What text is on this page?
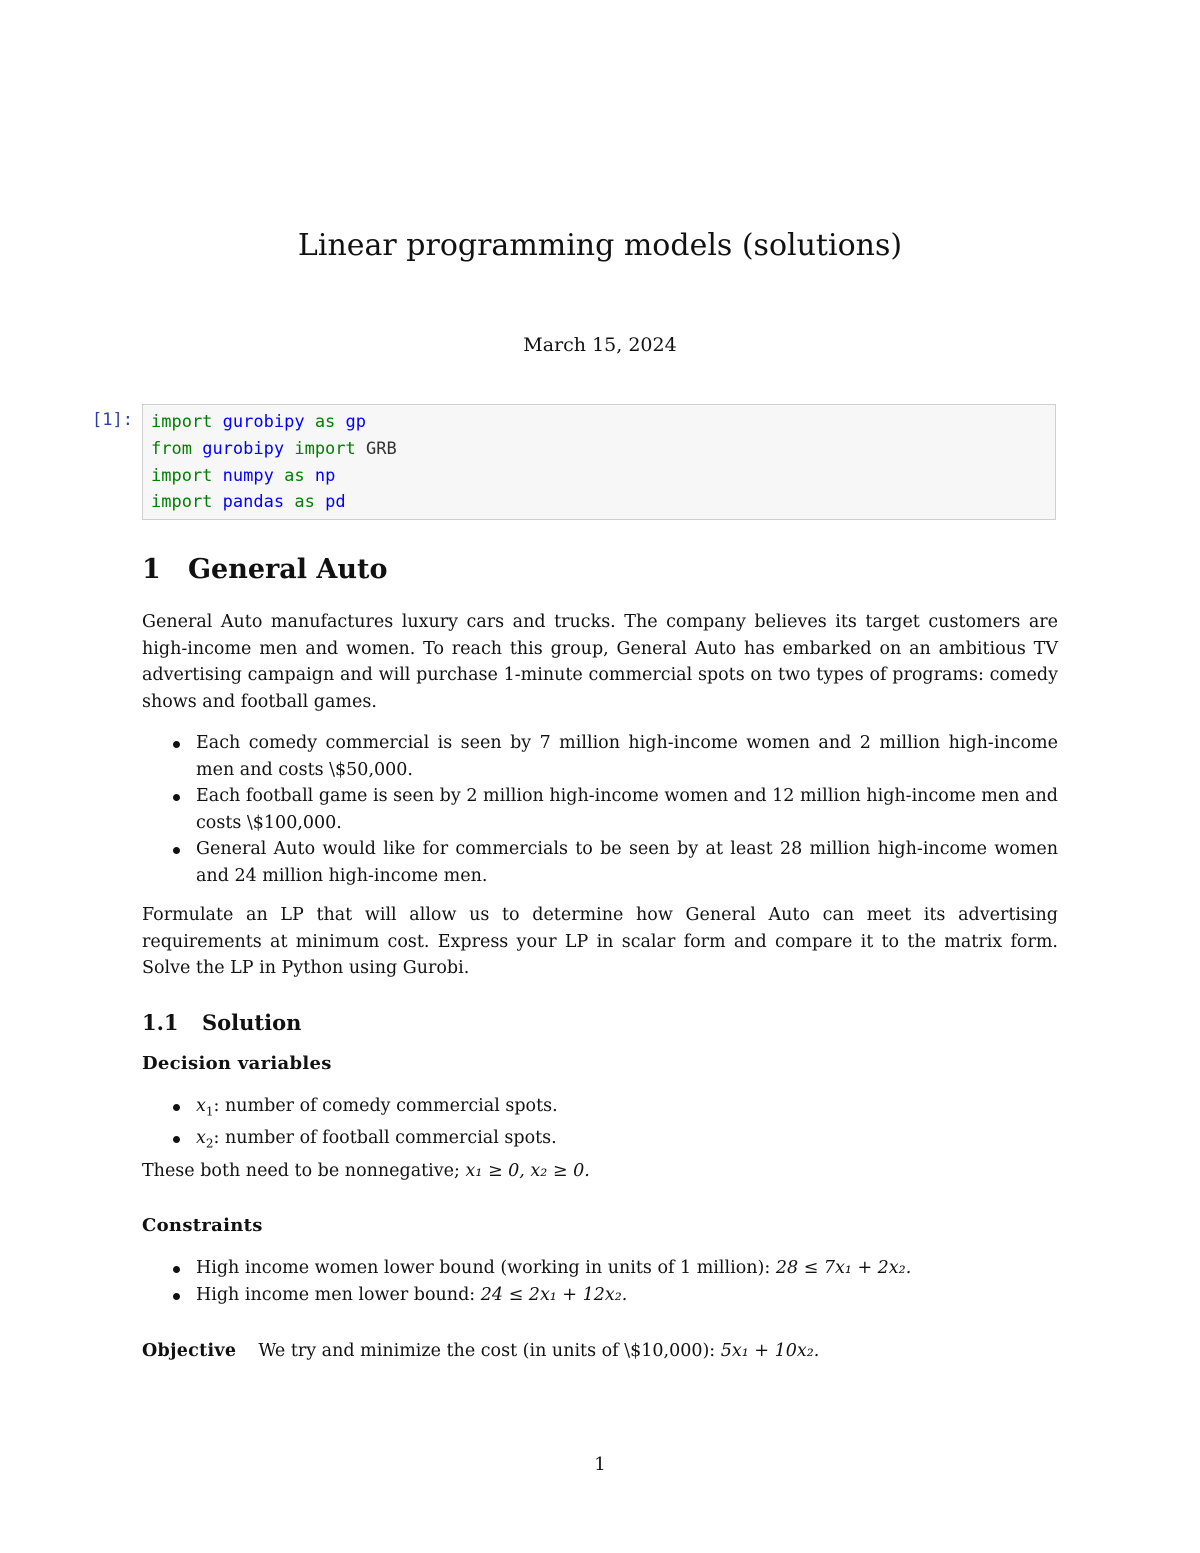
Linear programming models (solutions)
March 15, 2024
[1]: import gurobipy as gp
from gurobipy import GRB
import numpy as np
import pandas as pd
1 General Auto

General Auto manufactures luxury cars and trucks. The company believes its target customers are high-income men and women. To reach this group, General Auto has embarked on an ambitious TV advertising campaign and will purchase 1-minute commercial spots on two types of programs: comedy shows and football games.

Each comedy commercial is seen by 7 million high-income women and 2 million high-income men and costs \$50,000.
Each football game is seen by 2 million high-income women and 12 million high-income men and costs \$100,000.
General Auto would like for commercials to be seen by at least 28 million high-income women and 24 million high-income men.

Formulate an LP that will allow us to determine how General Auto can meet its advertising requirements at minimum cost. Express your LP in scalar form and compare it to the matrix form. Solve the LP in Python using Gurobi.

1.1 Solution
Decision variables
$x_1$: number of comedy commercial spots.
$x_2$: number of football commercial spots.

These both need to be nonnegative; x₁ ≥ 0, x₂ ≥ 0.

Constraints
High income women lower bound (working in units of 1 million): 28 ≤ 7x₁ + 2x₂.
High income men lower bound: 24 ≤ 2x₁ + 12x₂.

Objective We try and minimize the cost (in units of \$10,000): 5x₁ + 10x₂.

1
